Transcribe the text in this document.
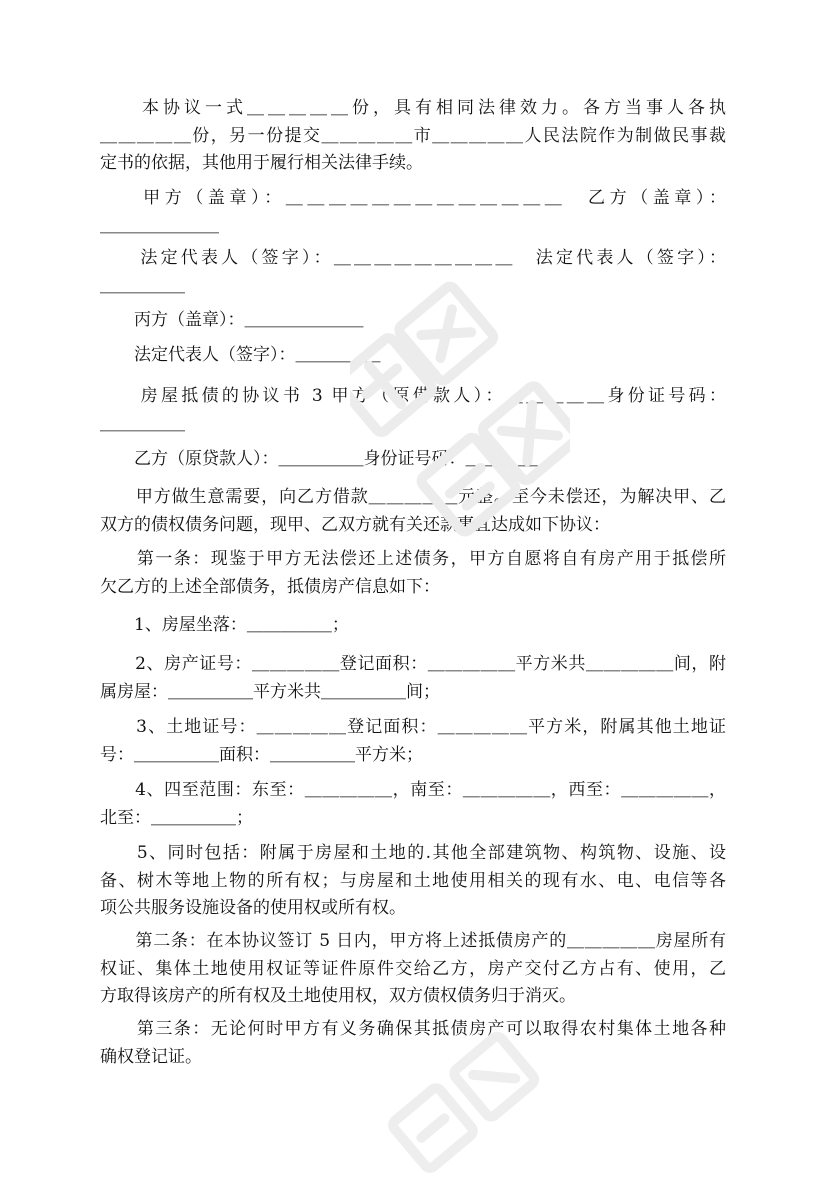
　　本协议一式＿＿＿＿＿份，具有相同法律效力。各方当事人各执
＿＿＿＿＿份，另一份提交＿＿＿＿＿市＿＿＿＿＿人民法院作为制做民事裁
定书的依据，其他用于履行相关法律手续。
　　甲方（盖章）：＿＿＿＿＿＿＿＿＿＿＿＿＿　乙方（盖章）：
＿＿＿＿＿＿＿
　　法定代表人（签字）：＿＿＿＿＿＿＿＿＿　法定代表人（签字）：
＿＿＿＿＿
　　丙方（盖章）：＿＿＿＿＿＿＿
　　法定代表人（签字）：＿＿＿＿＿
　　房屋抵债的协议书 3 甲方（原借款人）：＿＿＿＿＿身份证号码：
＿＿＿＿＿
　　乙方（原贷款人）：＿＿＿＿＿身份证号码：＿＿＿＿＿
　　甲方做生意需要，向乙方借款＿＿＿＿＿元整。至今未偿还，为解决甲、乙
双方的债权债务问题，现甲、乙双方就有关还款事宜达成如下协议：
　　第一条：现鉴于甲方无法偿还上述债务，甲方自愿将自有房产用于抵偿所
欠乙方的上述全部债务，抵债房产信息如下：
　　1、房屋坐落：＿＿＿＿＿；
　　2、房产证号：＿＿＿＿＿登记面积：＿＿＿＿＿平方米共＿＿＿＿＿间，附
属房屋：＿＿＿＿＿平方米共＿＿＿＿＿间；
　　3、土地证号：＿＿＿＿＿登记面积：＿＿＿＿＿平方米，附属其他土地证
号：＿＿＿＿＿面积：＿＿＿＿＿平方米；
　　4、四至范围：东至：＿＿＿＿＿，南至：＿＿＿＿＿，西至：＿＿＿＿＿，
北至：＿＿＿＿＿；
　　5、同时包括：附属于房屋和土地的.其他全部建筑物、构筑物、设施、设
备、树木等地上物的所有权；与房屋和土地使用相关的现有水、电、电信等各
项公共服务设施设备的使用权或所有权。
　　第二条：在本协议签订 5 日内，甲方将上述抵债房产的＿＿＿＿＿房屋所有
权证、集体土地使用权证等证件原件交给乙方，房产交付乙方占有、使用，乙
方取得该房产的所有权及土地使用权，双方债权债务归于消灭。
　　第三条：无论何时甲方有义务确保其抵债房产可以取得农村集体土地各种
确权登记证。
